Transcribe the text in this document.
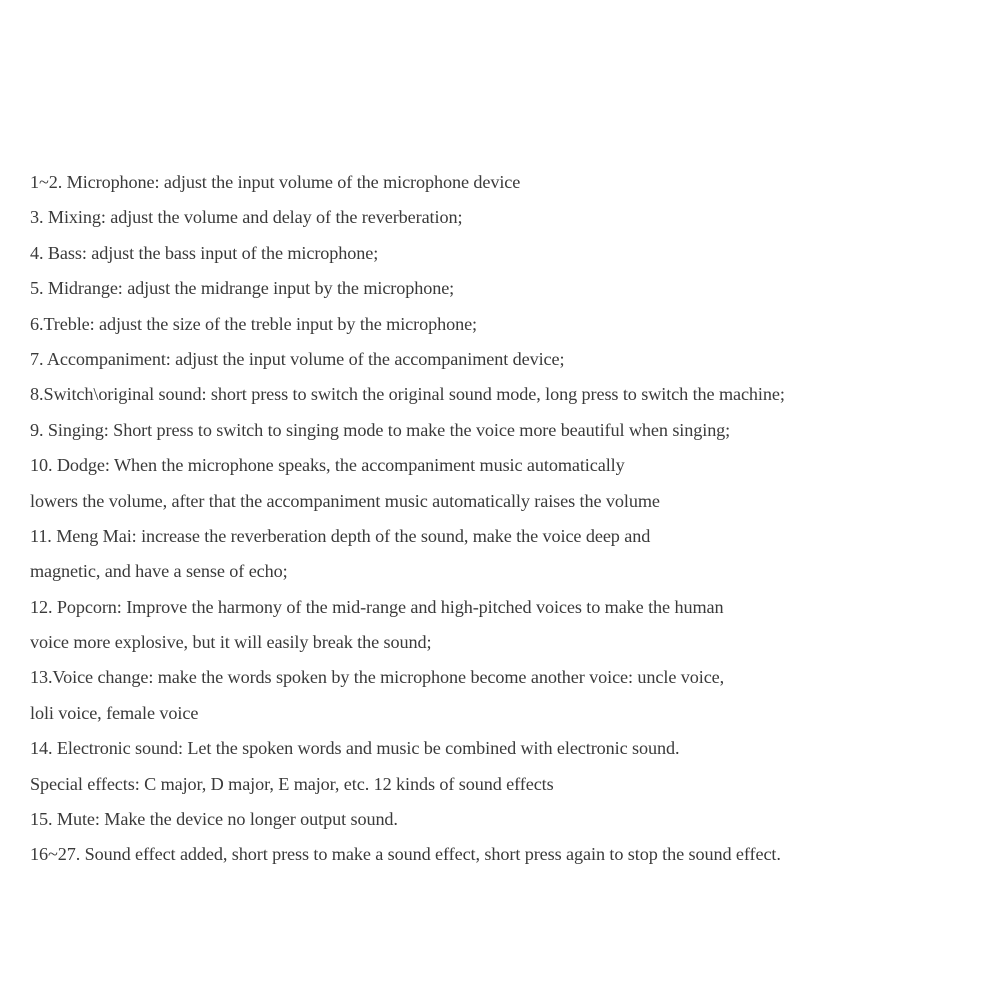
1~2. Microphone: adjust the input volume of the microphone device
3. Mixing: adjust the volume and delay of the reverberation;
4. Bass: adjust the bass input of the microphone;
5. Midrange: adjust the midrange input by the microphone;
6.Treble: adjust the size of the treble input by the microphone;
7. Accompaniment: adjust the input volume of the accompaniment device;
8.Switch\original sound: short press to switch the original sound mode, long press to switch the machine;
9. Singing: Short press to switch to singing mode to make the voice more beautiful when singing;
10. Dodge: When the microphone speaks, the accompaniment music automatically
lowers the volume, after that the accompaniment music automatically raises the volume
11. Meng Mai: increase the reverberation depth of the sound, make the voice deep and
magnetic, and have a sense of echo;
12. Popcorn: Improve the harmony of the mid-range and high-pitched voices to make the human
voice more explosive, but it will easily break the sound;
13.Voice change: make the words spoken by the microphone become another voice: uncle voice,
loli voice, female voice
14. Electronic sound: Let the spoken words and music be combined with electronic sound.
Special effects: C major, D major, E major, etc. 12 kinds of sound effects
15. Mute: Make the device no longer output sound.
16~27. Sound effect added, short press to make a sound effect, short press again to stop the sound effect.
